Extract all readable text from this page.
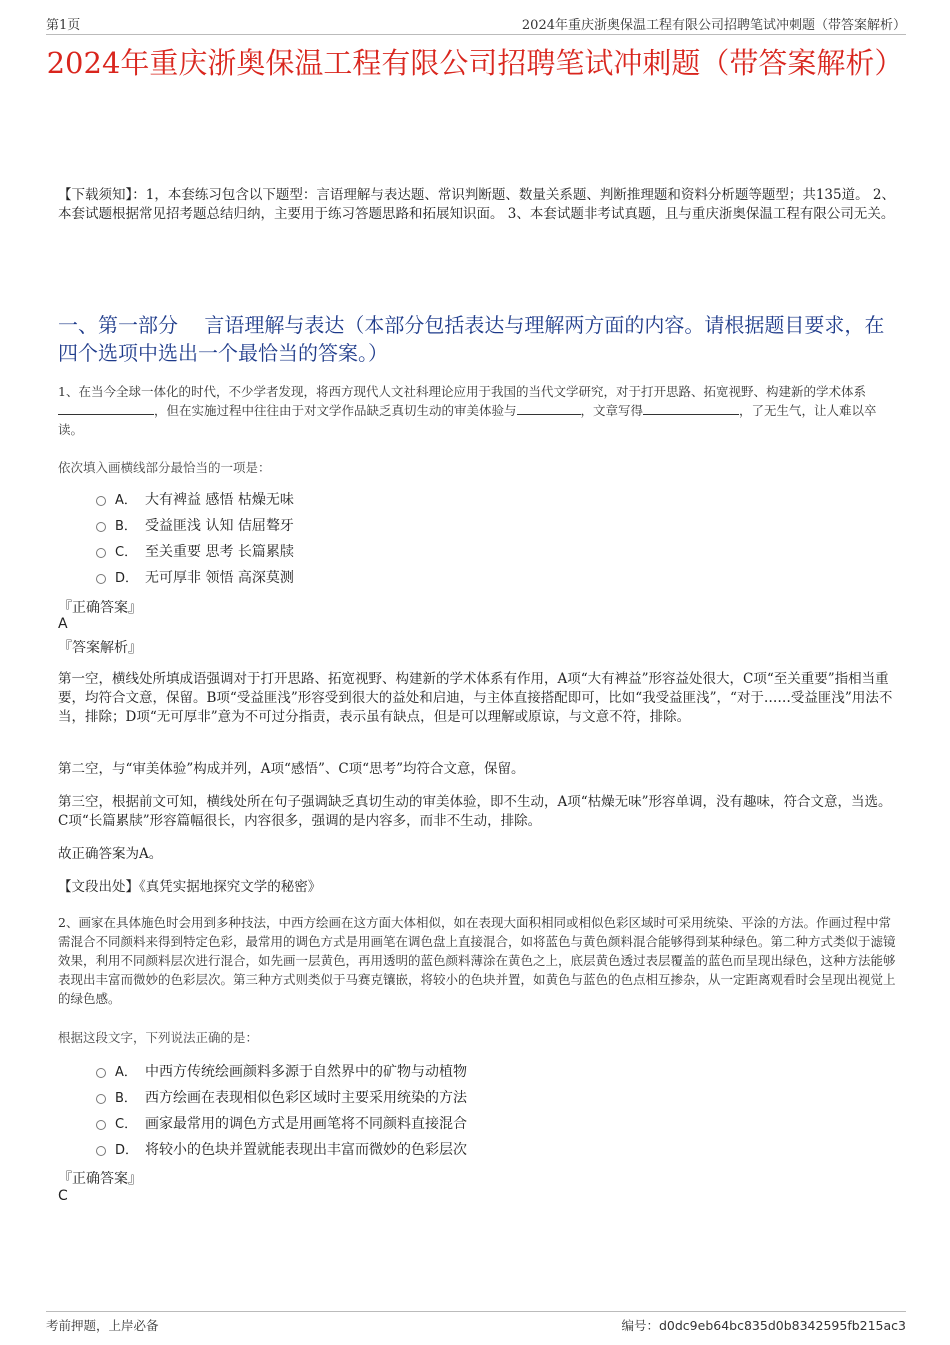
第1页	2024年重庆浙奥保温工程有限公司招聘笔试冲刺题（带答案解析）
2024年重庆浙奥保温工程有限公司招聘笔试冲刺题（带答案解析）
【下载须知】：1，本套练习包含以下题型：言语理解与表达题、常识判断题、数量关系题、判断推理题和资料分析题等题型；共135道。 2、本套试题根据常见招考题总结归纳，主要用于练习答题思路和拓展知识面。 3、本套试题非考试真题，且与重庆浙奥保温工程有限公司无关。
一、第一部分　 言语理解与表达（本部分包括表达与理解两方面的内容。请根据题目要求，在四个选项中选出一个最恰当的答案。）
1、在当今全球一体化的时代，不少学者发现，将西方现代人文社科理论应用于我国的当代文学研究，对于打开思路、拓宽视野、构建新的学术体系，但在实施过程中往往由于对文学作品缺乏真切生动的审美体验与	，文章写得	，了无生气，让人难以卒读。
依次填入画横线部分最恰当的一项是：
A． 大有裨益 感悟 枯燥无味
B． 受益匪浅 认知 佶屈聱牙
C． 至关重要 思考 长篇累牍
D． 无可厚非 领悟 高深莫测
『正确答案』
A
『答案解析』
第一空，横线处所填成语强调对于打开思路、拓宽视野、构建新的学术体系有作用，A项“大有裨益”形容益处很大，C项“至关重要”指相当重要，均符合文意，保留。B项“受益匪浅”形容受到很大的益处和启迪，与主体直接搭配即可，比如“我受益匪浅”，“对于……受益匪浅”用法不当，排除；D项“无可厚非”意为不可过分指责，表示虽有缺点，但是可以理解或原谅，与文意不符，排除。
第二空，与“审美体验”构成并列，A项“感悟”、C项“思考”均符合文意，保留。
第三空，根据前文可知，横线处所在句子强调缺乏真切生动的审美体验，即不生动，A项“枯燥无味”形容单调，没有趣味，符合文意，当选。C项“长篇累牍”形容篇幅很长，内容很多，强调的是内容多，而非不生动，排除。
故正确答案为A。
【文段出处】《真凭实据地探究文学的秘密》
2、画家在具体施色时会用到多种技法，中西方绘画在这方面大体相似，如在表现大面积相同或相似色彩区域时可采用统染、平涂的方法。作画过程中常需混合不同颜料来得到特定色彩，最常用的调色方式是用画笔在调色盘上直接混合，如将蓝色与黄色颜料混合能够得到某种绿色。第二种方式类似于滤镜效果，利用不同颜料层次进行混合，如先画一层黄色，再用透明的蓝色颜料薄涂在黄色之上，底层黄色透过表层覆盖的蓝色而呈现出绿色，这种方法能够表现出丰富而微妙的色彩层次。第三种方式则类似于马赛克镶嵌，将较小的色块并置，如黄色与蓝色的色点相互掺杂，从一定距离观看时会呈现出视觉上的绿色感。
根据这段文字，下列说法正确的是：
A． 中西方传统绘画颜料多源于自然界中的矿物与动植物
B． 西方绘画在表现相似色彩区域时主要采用统染的方法
C． 画家最常用的调色方式是用画笔将不同颜料直接混合
D． 将较小的色块并置就能表现出丰富而微妙的色彩层次
『正确答案』
C
考前押题，上岸必备	编号：d0dc9eb64bc835d0b8342595fb215ac3
